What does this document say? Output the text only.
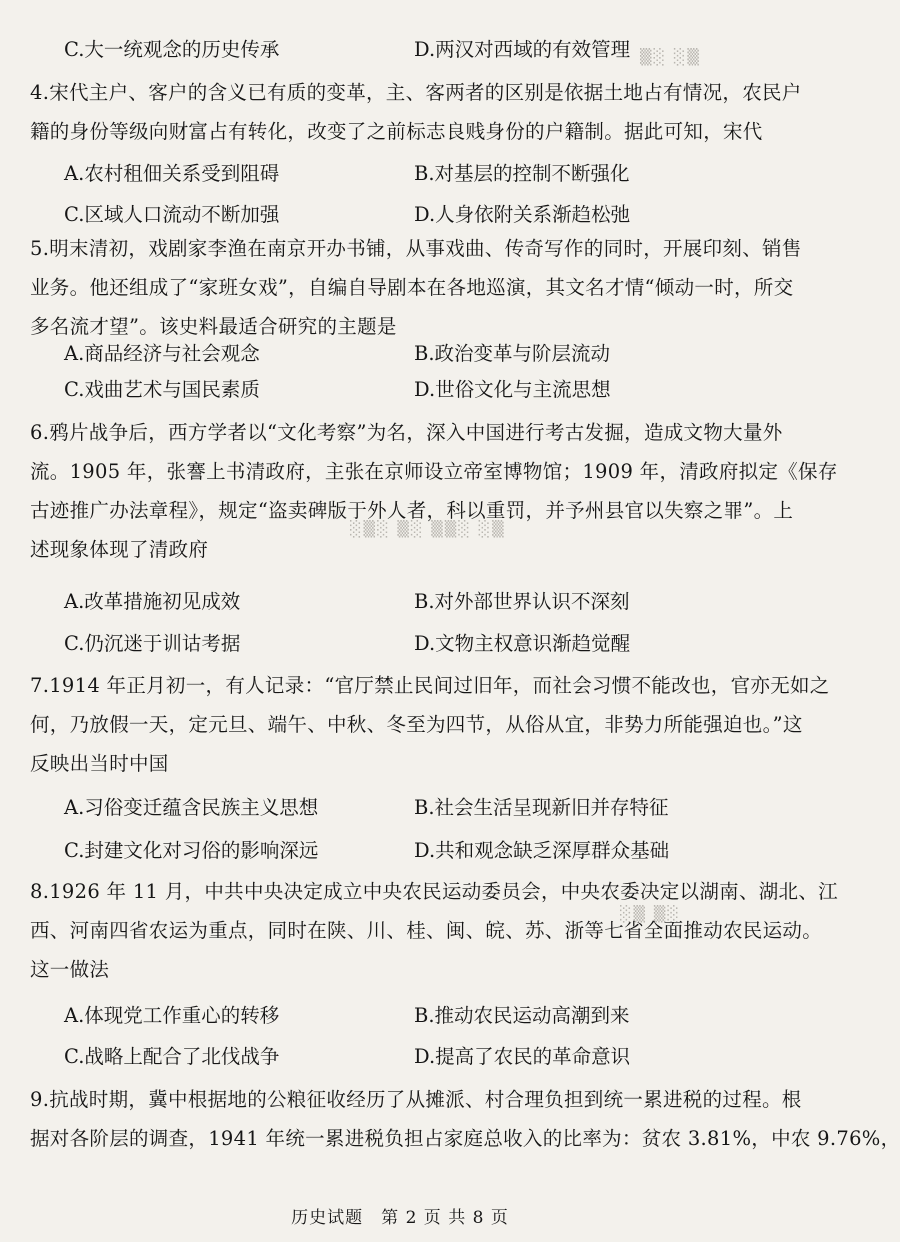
▒░ ░▒
░▒░ ▒░ ▒▒░ ░▒
░▒ ▒░
C.大一统观念的历史传承	D.两汉对西域的有效管理
4.宋代主户、客户的含义已有质的变革，主、客两者的区别是依据土地占有情况，农民户
籍的身份等级向财富占有转化，改变了之前标志良贱身份的户籍制。据此可知，宋代
A.农村租佃关系受到阻碍	B.对基层的控制不断强化
C.区域人口流动不断加强	D.人身依附关系渐趋松弛
5.明末清初，戏剧家李渔在南京开办书铺，从事戏曲、传奇写作的同时，开展印刻、销售
业务。他还组成了“家班女戏”，自编自导剧本在各地巡演，其文名才情“倾动一时，所交
多名流才望”。该史料最适合研究的主题是
A.商品经济与社会观念	B.政治变革与阶层流动
C.戏曲艺术与国民素质	D.世俗文化与主流思想
6.鸦片战争后，西方学者以“文化考察”为名，深入中国进行考古发掘，造成文物大量外
流。1905 年，张謇上书清政府，主张在京师设立帝室博物馆；1909 年，清政府拟定《保存
古迹推广办法章程》，规定“盗卖碑版于外人者，科以重罚，并予州县官以失察之罪”。上
述现象体现了清政府
A.改革措施初见成效	B.对外部世界认识不深刻
C.仍沉迷于训诂考据	D.文物主权意识渐趋觉醒
7.1914 年正月初一，有人记录：“官厅禁止民间过旧年，而社会习惯不能改也，官亦无如之
何，乃放假一天，定元旦、端午、中秋、冬至为四节，从俗从宜，非势力所能强迫也。”这
反映出当时中国
A.习俗变迁蕴含民族主义思想	B.社会生活呈现新旧并存特征
C.封建文化对习俗的影响深远	D.共和观念缺乏深厚群众基础
8.1926 年 11 月，中共中央决定成立中央农民运动委员会，中央农委决定以湖南、湖北、江
西、河南四省农运为重点，同时在陕、川、桂、闽、皖、苏、浙等七省全面推动农民运动。
这一做法
A.体现党工作重心的转移	B.推动农民运动高潮到来
C.战略上配合了北伐战争	D.提高了农民的革命意识
9.抗战时期，冀中根据地的公粮征收经历了从摊派、村合理负担到统一累进税的过程。根
据对各阶层的调查，1941 年统一累进税负担占家庭总收入的比率为：贫农 3.81%，中农 9.76%，
历史试题　第 2 页 共 8 页
